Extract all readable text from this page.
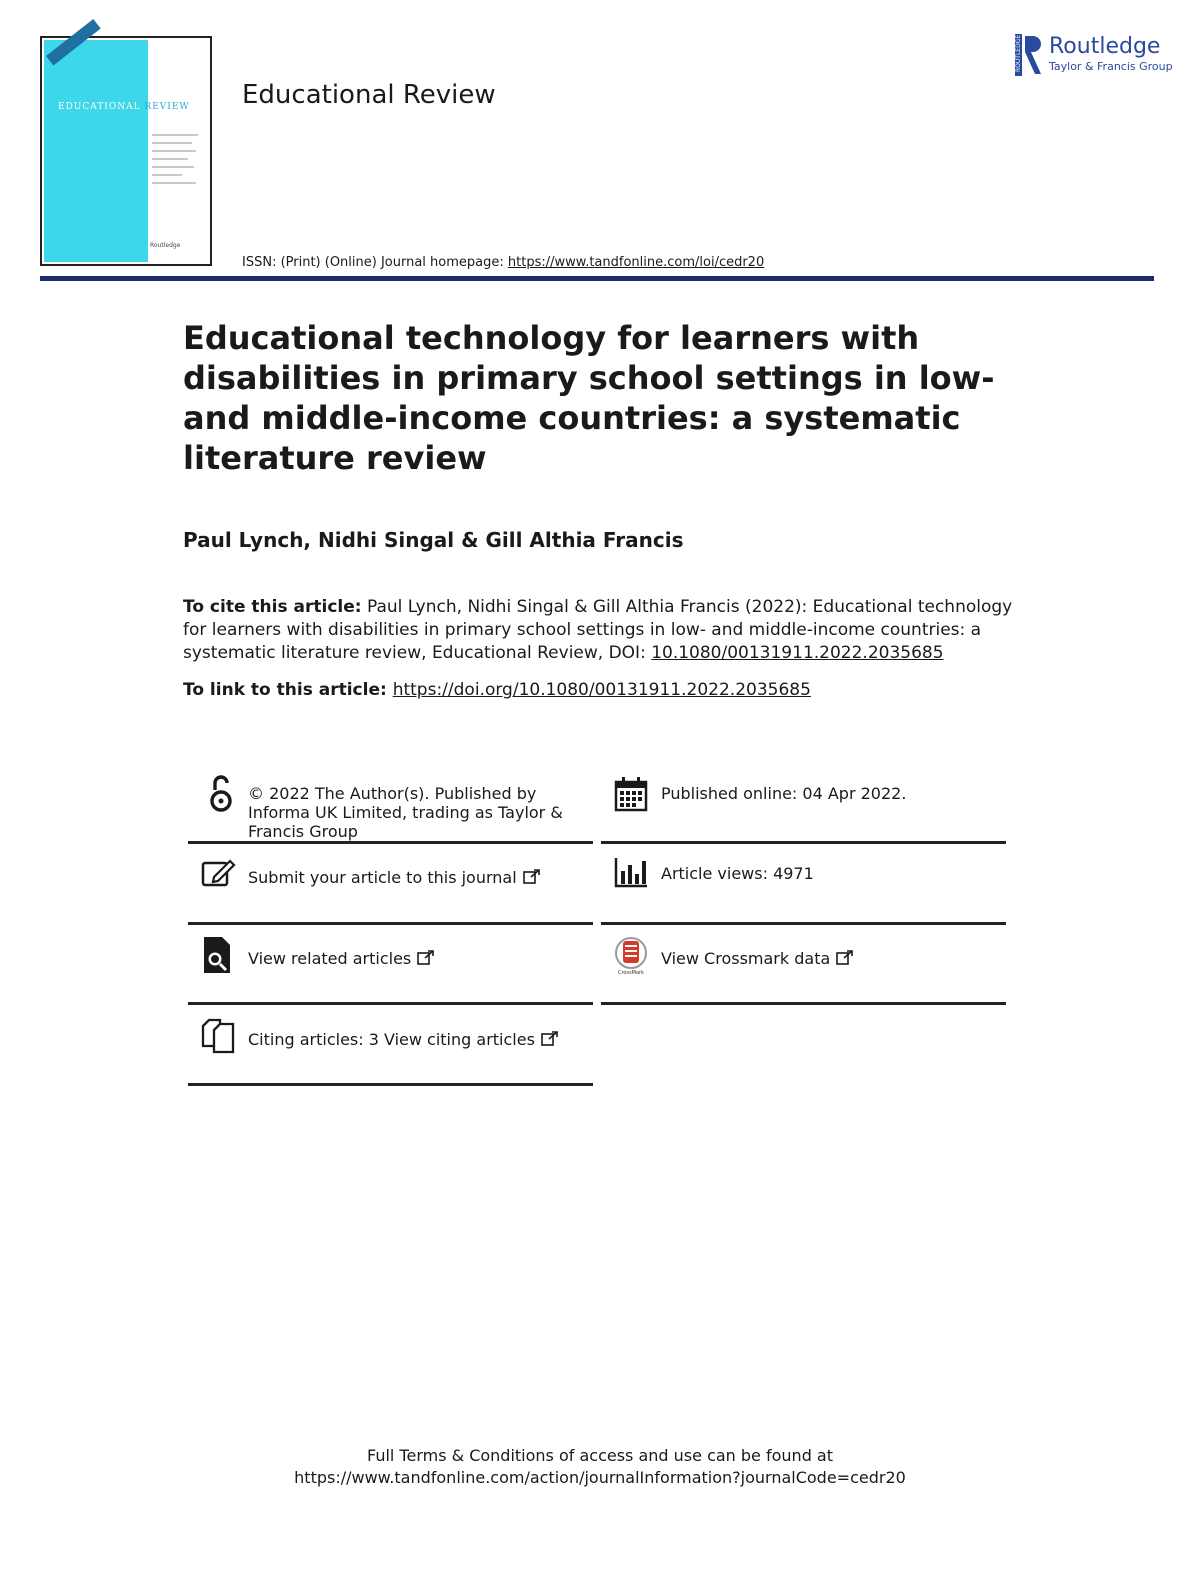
EDUCATIONAL REVIEW
Routledge
Educational Review
ISSN: (Print) (Online) Journal homepage: https://www.tandfonline.com/loi/cedr20
ROUTLEDGE Routledge
Taylor & Francis Group
Educational technology for learners with disabilities in primary school settings in low- and middle-income countries: a systematic literature review
Paul Lynch, Nidhi Singal & Gill Althia Francis
To cite this article: Paul Lynch, Nidhi Singal & Gill Althia Francis (2022): Educational technology for learners with disabilities in primary school settings in low- and middle-income countries: a systematic literature review, Educational Review, DOI: 10.1080/00131911.2022.2035685
To link to this article: https://doi.org/10.1080/00131911.2022.2035685
© 2022 The Author(s). Published by Informa UK Limited, trading as Taylor & Francis Group
Published online: 04 Apr 2022.
Submit your article to this journal	Article views: 4971
View related articles
CrossMark
View Crossmark data
Citing articles: 3 View citing articles
Full Terms & Conditions of access and use can be found at
https://www.tandfonline.com/action/journalInformation?journalCode=cedr20
